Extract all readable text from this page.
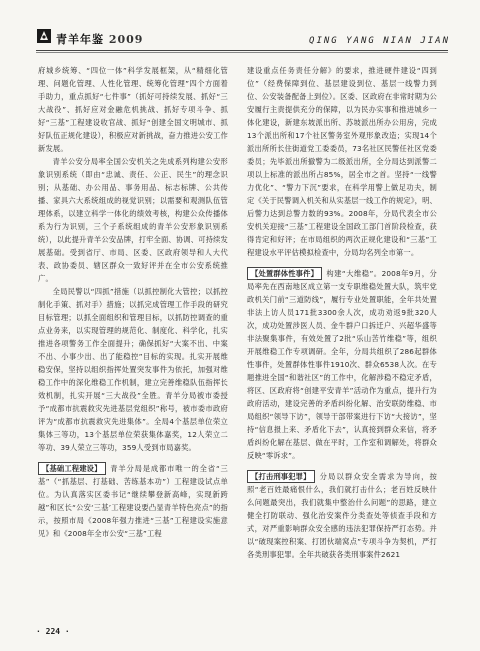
青羊年鉴 2009	QING YANG NIAN JIAN

府城乡统筹、“四位一体”科学发展框架，从“精细化管理、问题化管理、人性化管理、统筹化管理”四个方面着手助力，重点抓好“七件事”（抓好可持续发展、抓好“三大战役”、抓好应对金融危机挑战、抓好专项斗争、抓好“三基”工程建设收官战、抓好“创建全国文明城市、抓好队伍正规化建设），积极应对新挑战，奋力推进公安工作新发展。

青羊公安分局率全国公安机关之先成系列构建公安形象识别系统（即由“忠诚、责任、公正、民生”的理念识别；从基础、办公用品、事务用品、标志标牌、公共传播、家具六大系统组成的视觉识别；以需要和观测队伍管理体系，以建立科学一体化的绩效考核，构建公众传播体系为行为识别，三个子系统组成的青羊公安形象识别系统），以此提升青羊公安品牌，打牢全面、协调、可持续发展基础。受到省厅、市局、区委、区政府领导和人大代表、政协委员、辖区群众一致好评并在全市公安系统推广。

全局民警以“四抓”措施（以抓控制化大管控；以抓控制化手策、抓对手）措施；以抓完成管理工作手段的研究目标管理；以抓全面组织和管理目标，以抓防控调查的重点业务来，以实现管理的规范化、制度化、科学化，扎实推进各项警务工作全面提升；确保抓好“大案不出、中案不出、小事少出、出了能稳控”目标的实现。扎实开展维稳安保，坚持以组织指挥处置突发事件为依托，加强对维稳工作中的深化维稳工作机制，建立完善维稳队伍指挥长效机制，扎实开展“三大战役”全胜。青羊分局被市委授予“成都市抗震救灾先进基层党组织”称号，被市委市政府评为“成都市抗震救灾先进集体”。全局4个基层单位荣立集体三等功，13个基层单位荣获集体嘉奖，12人荣立二等功、39人荣立三等功，359人受到市局嘉奖。

【基础工程建设】 青羊分局是成都市唯一的全省“三基”（“抓基层、打基础、苦练基本功”）工程建设试点单位。为认真落实区委书记“继续攀登新高峰，实现新跨越”和区长“公安‘三基’工程建设要凸显青羊特色亮点”的指示，按照市局《2008年强力推进“三基”工程建设实施意见》和《2008年全市公安“三基”工程

建设重点任务责任分解》的要求，推进硬件建设“四到位”（经费保障到位、基层建设到位、基层一线警力到位、公安装备配备上到位）。区委、区政府在非常时期为公安履行主责提供充分的保障，以为民办实事和推进城乡一体化建设，新建东坡派出所、苏坡派出所办公用房，完成13个派出所和17个社区警务室外观形象改造；实现14个派出所所长住街道党工委委员，73名社区民警任社区党委委员；先毕派出所撤警为二级派出所，全分局达到派警二项以上标准的派出所占85%，居全市之首。坚持“一线警力优化”、“警力下沉”要求，在科学用警上做足功夫，制定《关于民警调入机关和从实基层一线工作的规定》，明、后警力达到总警力数的93%。2008年，分局代表全市公安机关迎接“三基”工程建设全国政工部门首阶段检查，获得肯定和好评；在市局组织的两次正规化建设和“三基”工程建设水平评估模拟检查中，分局均名列全市第一。

【处置群体性事件】 构建“大维稳”。2008年9月，分局率先在西南地区成立第一支专职维稳处置大队，筑牢党政机关门前“三道防线”，履行专业处置职能，全年共处置非法上访人员171批3300余人次，成功劝返9批320人次，成功处置涉医人员、金牛群户口拆迁户、兴超华盛等非法聚集事件，有效处置了2批“乐山苦竹维稳”等，组织开展维稳工作专项调研。全年，分局共组织了286起群体性事件，处置群体性事件1910次、群众6538人次。在专题推进全国“和谐社区”的工作中，化解涉稳不稳定矛盾，将区、区政府将“创建平安青羊”活动作为重点，提升行为政府活动，建设完善的矛盾纠纷化解、治安联防维稳、市局组织“领导下访”，领导干部带案进行下访“大接访”，坚持“信息报上来、矛盾化下去”，认真接到群众来信，将矛盾纠纷化解在基层、做在平时，工作室和调解处，将群众反映“零诉求”。

【打击刑事犯罪】 分局以群众安全需求为导向，按照“老百姓最痛恨什么，我们就打击什么；老百姓反映什么问题最突出，我们就集中整治什么问题”的思路，建立健全打防联动、强化治安案件分类查处等侦查手段和方式，对严重影响群众安全感的违法犯罪保持严打态势。并以“破现案控积案、打团伙端窝点”专项斗争为契机，严打各类刑事犯罪。全年共破获各类刑事案件2621

· 224 ·
